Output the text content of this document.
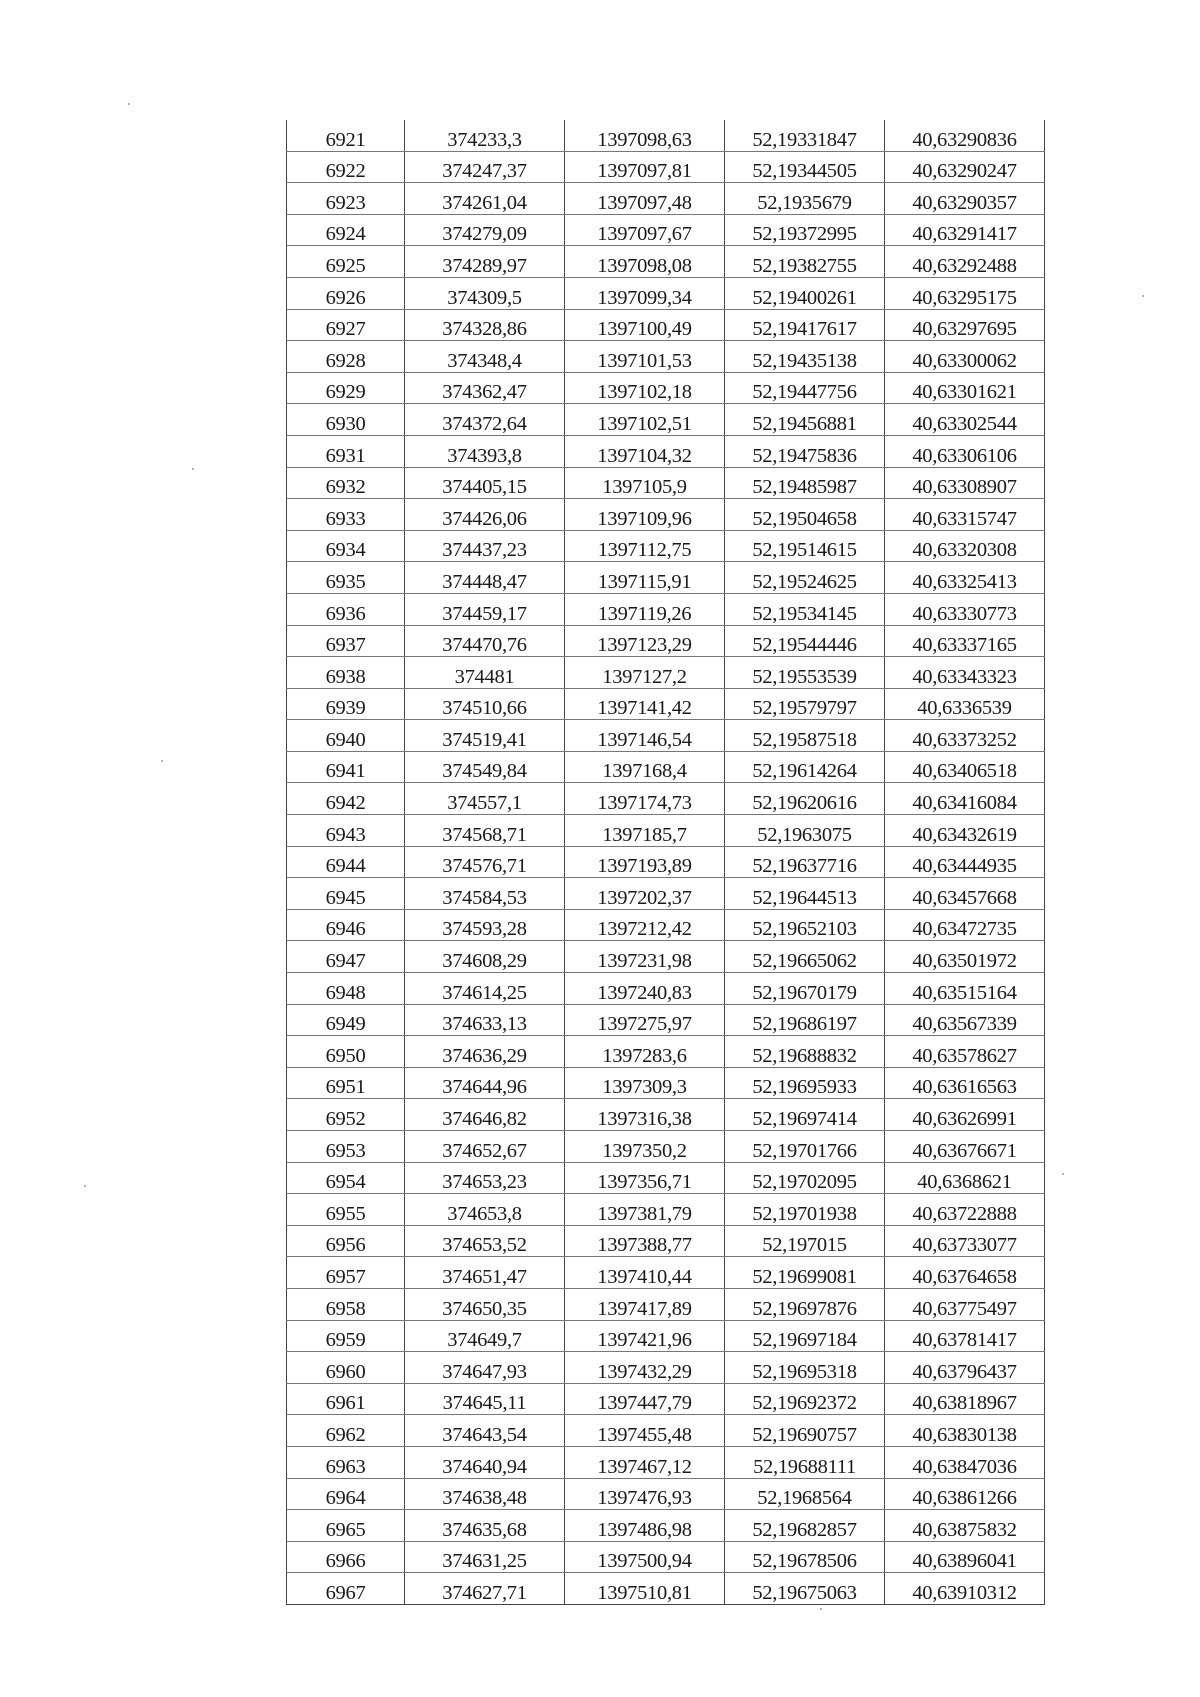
6921	374233,3	1397098,63	52,19331847	40,63290836
6922	374247,37	1397097,81	52,19344505	40,63290247
6923	374261,04	1397097,48	52,1935679	40,63290357
6924	374279,09	1397097,67	52,19372995	40,63291417
6925	374289,97	1397098,08	52,19382755	40,63292488
6926	374309,5	1397099,34	52,19400261	40,63295175
6927	374328,86	1397100,49	52,19417617	40,63297695
6928	374348,4	1397101,53	52,19435138	40,63300062
6929	374362,47	1397102,18	52,19447756	40,63301621
6930	374372,64	1397102,51	52,19456881	40,63302544
6931	374393,8	1397104,32	52,19475836	40,63306106
6932	374405,15	1397105,9	52,19485987	40,63308907
6933	374426,06	1397109,96	52,19504658	40,63315747
6934	374437,23	1397112,75	52,19514615	40,63320308
6935	374448,47	1397115,91	52,19524625	40,63325413
6936	374459,17	1397119,26	52,19534145	40,63330773
6937	374470,76	1397123,29	52,19544446	40,63337165
6938	374481	1397127,2	52,19553539	40,63343323
6939	374510,66	1397141,42	52,19579797	40,6336539
6940	374519,41	1397146,54	52,19587518	40,63373252
6941	374549,84	1397168,4	52,19614264	40,63406518
6942	374557,1	1397174,73	52,19620616	40,63416084
6943	374568,71	1397185,7	52,1963075	40,63432619
6944	374576,71	1397193,89	52,19637716	40,63444935
6945	374584,53	1397202,37	52,19644513	40,63457668
6946	374593,28	1397212,42	52,19652103	40,63472735
6947	374608,29	1397231,98	52,19665062	40,63501972
6948	374614,25	1397240,83	52,19670179	40,63515164
6949	374633,13	1397275,97	52,19686197	40,63567339
6950	374636,29	1397283,6	52,19688832	40,63578627
6951	374644,96	1397309,3	52,19695933	40,63616563
6952	374646,82	1397316,38	52,19697414	40,63626991
6953	374652,67	1397350,2	52,19701766	40,63676671
6954	374653,23	1397356,71	52,19702095	40,6368621
6955	374653,8	1397381,79	52,19701938	40,63722888
6956	374653,52	1397388,77	52,197015	40,63733077
6957	374651,47	1397410,44	52,19699081	40,63764658
6958	374650,35	1397417,89	52,19697876	40,63775497
6959	374649,7	1397421,96	52,19697184	40,63781417
6960	374647,93	1397432,29	52,19695318	40,63796437
6961	374645,11	1397447,79	52,19692372	40,63818967
6962	374643,54	1397455,48	52,19690757	40,63830138
6963	374640,94	1397467,12	52,19688111	40,63847036
6964	374638,48	1397476,93	52,1968564	40,63861266
6965	374635,68	1397486,98	52,19682857	40,63875832
6966	374631,25	1397500,94	52,19678506	40,63896041
6967	374627,71	1397510,81	52,19675063	40,63910312
